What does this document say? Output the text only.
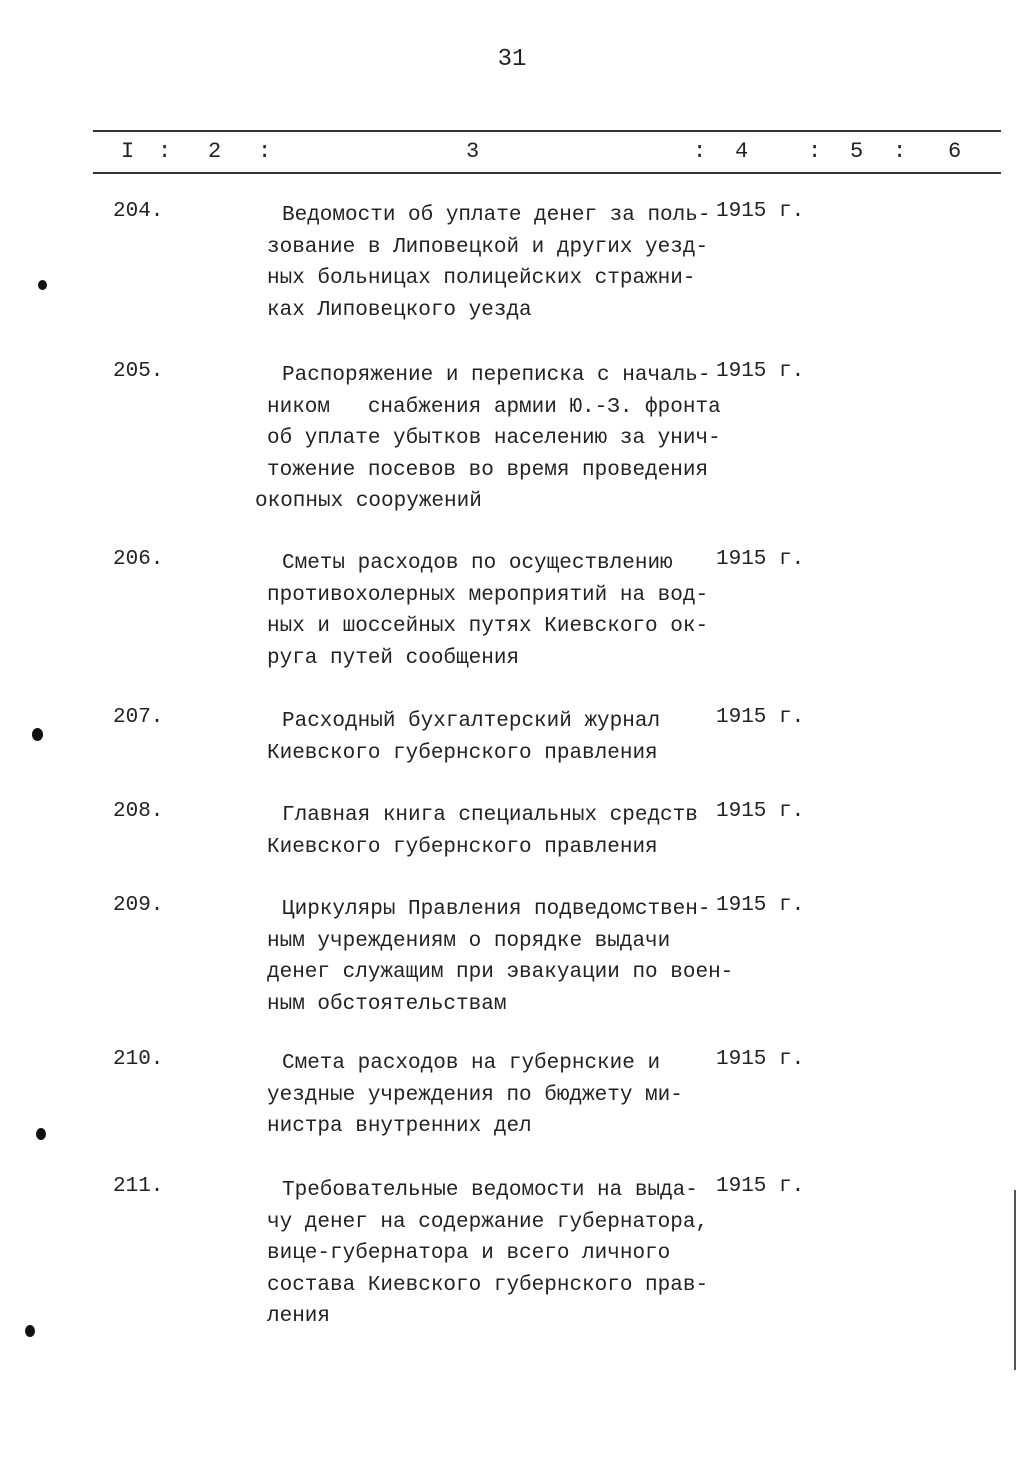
31
I : 2 :	3	: 4	: 5 : 6
204.	Ведомости об уплате денег за поль-
зование в Липовецкой и других уезд-
ных больницах полицейских стражни-
ках Липовецкого уезда
1915 г.
205.	Распоряжение и переписка с началь-
ником   снабжения армии Ю.-З. фронта
об уплате убытков населению за унич-
тожение посевов во время проведения
окопных сооружений
1915 г.
206.	Сметы расходов по осуществлению
противохолерных мероприятий на вод-
ных и шоссейных путях Киевского ок-
руга путей сообщения
1915 г.
207.	Расходный бухгалтерский журнал
Киевского губернского правления
1915 г.
208.	Главная книга специальных средств
Киевского губернского правления
1915 г.
209.	Циркуляры Правления подведомствен-
ным учреждениям о порядке выдачи
денег служащим при эвакуации по воен-
ным обстоятельствам
1915 г.
210.	Смета расходов на губернские и
уездные учреждения по бюджету ми-
нистра внутренних дел
1915 г.
211.	Требовательные ведомости на выда-
чу денег на содержание губернатора,
вице-губернатора и всего личного
состава Киевского губернского прав-
ления
1915 г.
